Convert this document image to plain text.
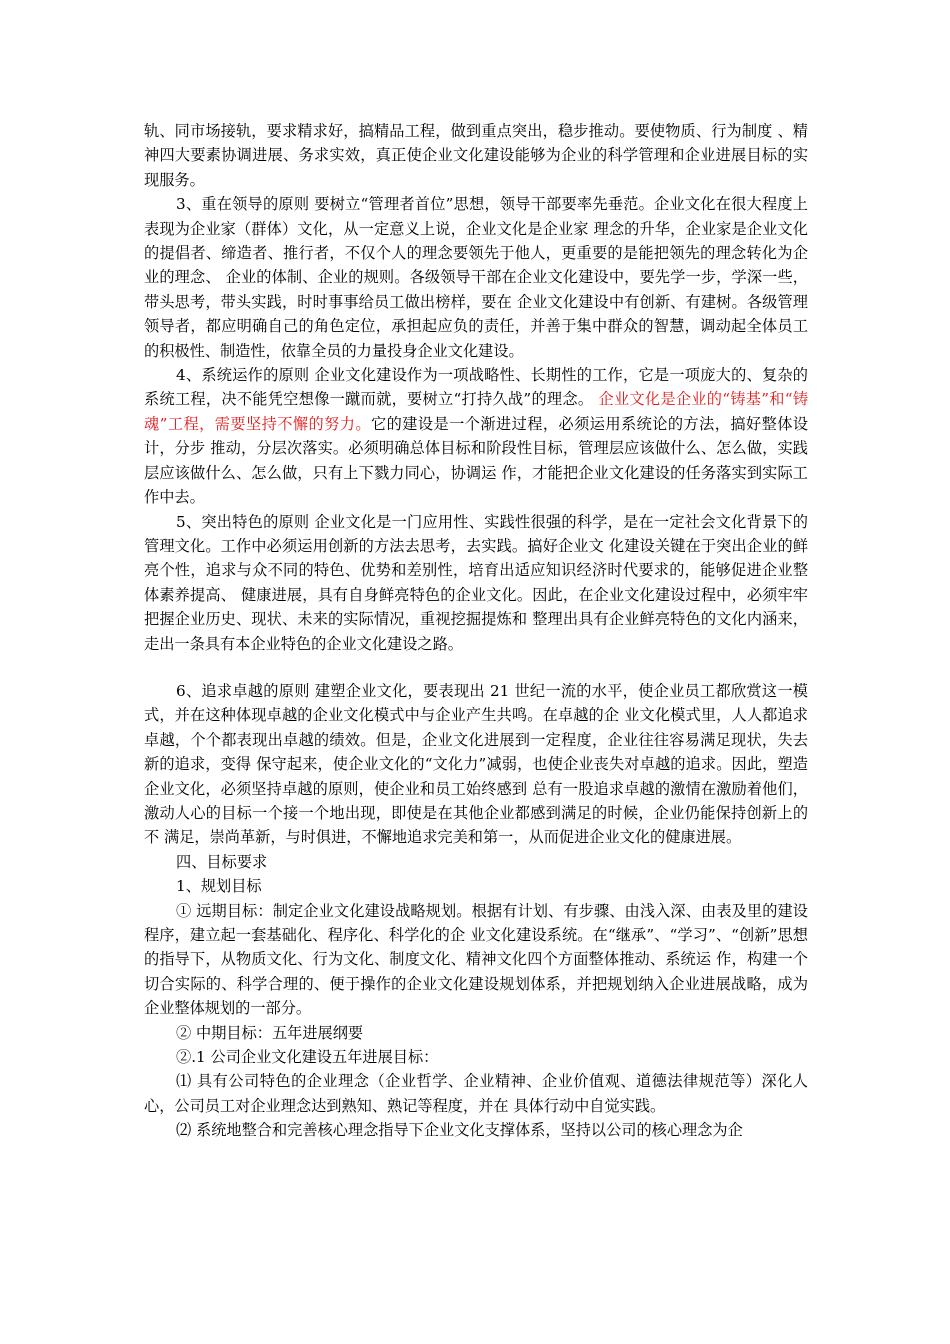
轨、同市场接轨，要求精求好，搞精品工程，做到重点突出，稳步推动。要使物质、行为制度 、精神四大要素协调进展、务求实效，真正使企业文化建设能够为企业的科学管理和企业进展目标的实现服务。

3、重在领导的原则 要树立“管理者首位”思想，领导干部要率先垂范。企业文化在很大程度上表现为企业家（群体）文化，从一定意义上说，企业文化是企业家 理念的升华，企业家是企业文化的提倡者、缔造者、推行者，不仅个人的理念要领先于他人，更重要的是能把领先的理念转化为企业的理念、 企业的体制、企业的规则。各级领导干部在企业文化建设中，要先学一步，学深一些，带头思考，带头实践，时时事事给员工做出榜样，要在 企业文化建设中有创新、有建树。各级管理领导者，都应明确自己的角色定位，承担起应负的责任，并善于集中群众的智慧，调动起全体员工 的积极性、制造性，依靠全员的力量投身企业文化建设。

4、系统运作的原则 企业文化建设作为一项战略性、长期性的工作，它是一项庞大的、复杂的系统工程，决不能凭空想像一蹴而就，要树立“打持久战”的理念。 企业文化是企业的“铸基”和“铸魂”工程，需要坚持不懈的努力。它的建设是一个渐进过程，必须运用系统论的方法，搞好整体设计，分步 推动，分层次落实。必须明确总体目标和阶段性目标，管理层应该做什么、怎么做，实践层应该做什么、怎么做，只有上下戮力同心，协调运 作，才能把企业文化建设的任务落实到实际工作中去。

5、突出特色的原则 企业文化是一门应用性、实践性很强的科学，是在一定社会文化背景下的管理文化。工作中必须运用创新的方法去思考，去实践。搞好企业文 化建设关键在于突出企业的鲜亮个性，追求与众不同的特色、优势和差别性，培育出适应知识经济时代要求的，能够促进企业整体素养提高、 健康进展，具有自身鲜亮特色的企业文化。因此，在企业文化建设过程中，必须牢牢把握企业历史、现状、未来的实际情况，重视挖掘提炼和 整理出具有企业鲜亮特色的文化内涵来，走出一条具有本企业特色的企业文化建设之路。

6、追求卓越的原则 建塑企业文化，要表现出 21 世纪一流的水平，使企业员工都欣赏这一模式，并在这种体现卓越的企业文化模式中与企业产生共鸣。在卓越的企 业文化模式里，人人都追求卓越，个个都表现出卓越的绩效。但是，企业文化进展到一定程度，企业往往容易满足现状，失去新的追求，变得 保守起来，使企业文化的“文化力”减弱，也使企业丧失对卓越的追求。因此，塑造企业文化，必须坚持卓越的原则，使企业和员工始终感到 总有一股追求卓越的激情在激励着他们，激动人心的目标一个接一个地出现，即使是在其他企业都感到满足的时候，企业仍能保持创新上的不 满足，崇尚革新，与时俱进，不懈地追求完美和第一，从而促进企业文化的健康进展。

四、目标要求

1、规划目标

① 远期目标：制定企业文化建设战略规划。根据有计划、有步骤、由浅入深、由表及里的建设程序，建立起一套基础化、程序化、科学化的企 业文化建设系统。在“继承”、“学习”、“创新”思想的指导下，从物质文化、行为文化、制度文化、精神文化四个方面整体推动、系统运 作，构建一个切合实际的、科学合理的、便于操作的企业文化建设规划体系，并把规划纳入企业进展战略，成为企业整体规划的一部分。

② 中期目标：五年进展纲要

②.1 公司企业文化建设五年进展目标：

⑴ 具有公司特色的企业理念（企业哲学、企业精神、企业价值观、道德法律规范等）深化人心，公司员工对企业理念达到熟知、熟记等程度，并在 具体行动中自觉实践。

⑵ 系统地整合和完善核心理念指导下企业文化支撑体系，坚持以公司的核心理念为企
